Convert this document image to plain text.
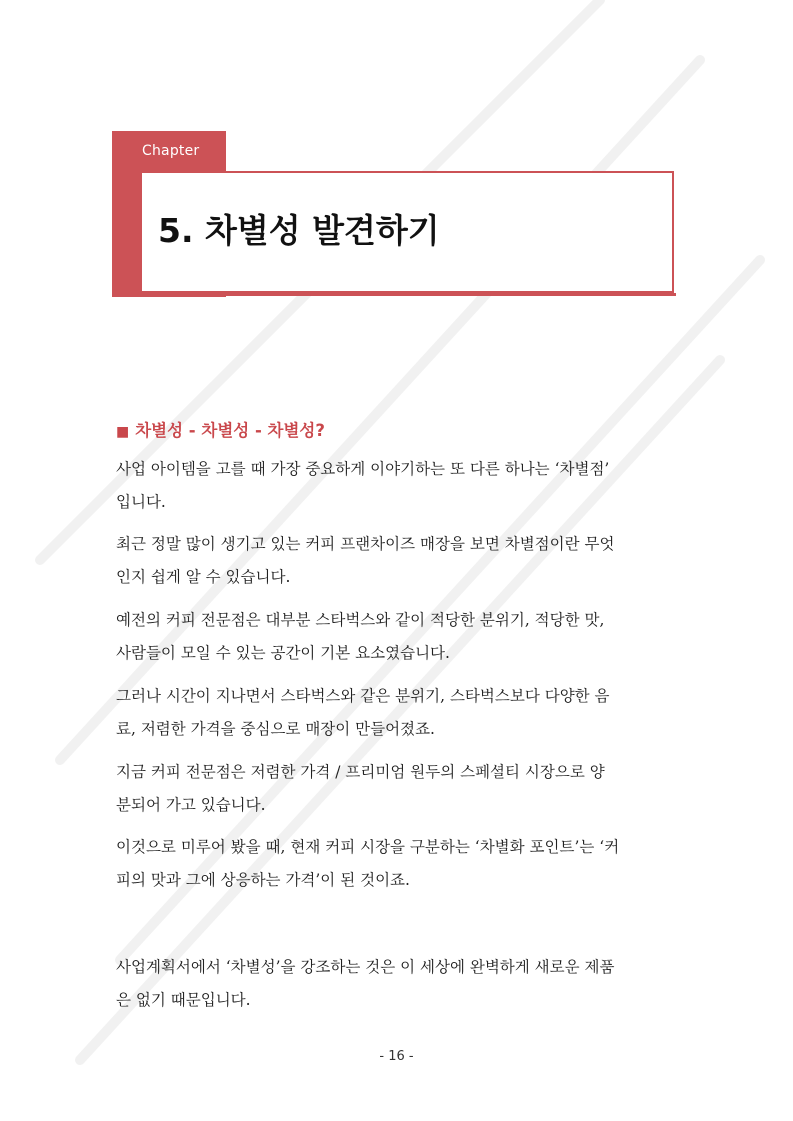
Chapter
5. 차별성 발견하기
■ 차별성 - 차별성 - 차별성?
사업 아이템을 고를 때 가장 중요하게 이야기하는 또 다른 하나는 ‘차별점’
입니다.
최근 정말 많이 생기고 있는 커피 프랜차이즈 매장을 보면 차별점이란 무엇
인지 쉽게 알 수 있습니다.
예전의 커피 전문점은 대부분 스타벅스와 같이 적당한 분위기, 적당한 맛,
사람들이 모일 수 있는 공간이 기본 요소였습니다.
그러나 시간이 지나면서 스타벅스와 같은 분위기, 스타벅스보다 다양한 음
료, 저렴한 가격을 중심으로 매장이 만들어졌죠.
지금 커피 전문점은 저렴한 가격 / 프리미엄 원두의 스페셜티 시장으로 양
분되어 가고 있습니다.
이것으로 미루어 봤을 때, 현재 커피 시장을 구분하는 ‘차별화 포인트’는 ‘커
피의 맛과 그에 상응하는 가격’이 된 것이죠.
사업계획서에서 ‘차별성’을 강조하는 것은 이 세상에 완벽하게 새로운 제품
은 없기 때문입니다.
- 16 -
